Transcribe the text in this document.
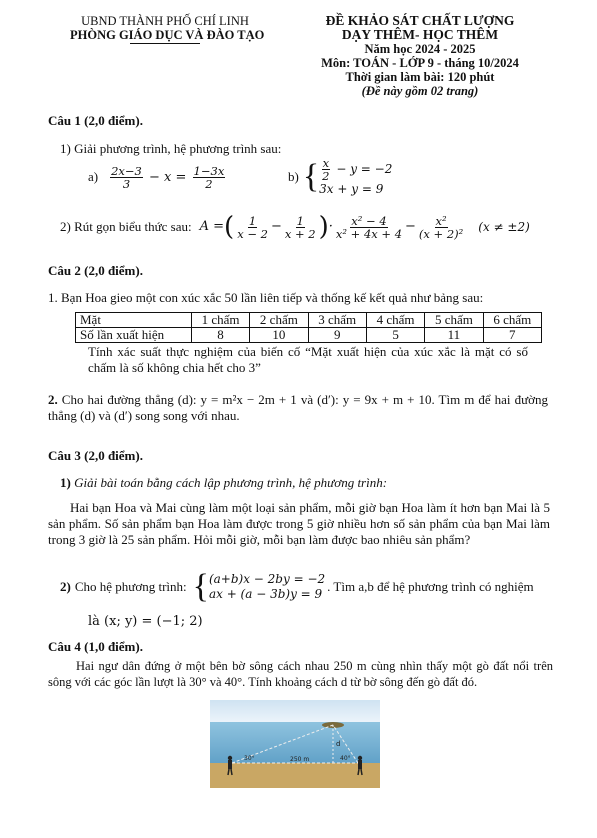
UBND THÀNH PHỐ CHÍ LINH
PHÒNG GIÁO DỤC VÀ ĐÀO TẠO
ĐỀ KHẢO SÁT CHẤT LƯỢNG
DẠY THÊM- HỌC THÊM
Năm học 2024 - 2025
Môn: TOÁN - LỚP 9 - tháng 10/2024
Thời gian làm bài: 120 phút
(Đề này gồm 02 trang)
Câu 1 (2,0 điểm).
1) Giải phương trình, hệ phương trình sau:
$a) \frac{2x-3}{3} - x = \frac{1-3x}{2}$	b) { $\frac{x}{2} - y = -2$
3x + y = 9
2) Rút gọn biểu thức sau: A = ( $\frac{1}{x - 2} - \frac{1}{x + 2}$ ) · $\frac{\text{x² − 4}}{\text{x² + 4x + 4}} - \frac{\text{x²}}{\text{(x + 2)²}} (x \ne \pm 2)$
Câu 2 (2,0 điểm).
1. Bạn Hoa gieo một con xúc xắc 50 lần liên tiếp và thống kế kết quả như bảng sau:
Mặt	1 chấm	2 chấm	3 chấm	4 chấm	5 chấm	6 chấm
Số lần xuất hiện	8	10	9	5	11	7
Tính xác suất thực nghiệm của biến cố “Mặt xuất hiện của xúc xắc là mặt có số chấm là số không chia hết cho 3”
2. Cho hai đường thẳng (d): y = m²x − 2m + 1 và (d′): y = 9x + m + 10. Tìm m để hai đường thẳng (d) và (d′) song song với nhau.
Câu 3 (2,0 điểm).
1) Giải bài toán bằng cách lập phương trình, hệ phương trình:
Hai bạn Hoa và Mai cùng làm một loại sản phẩm, mỗi giờ bạn Hoa làm ít hơn bạn Mai là 5 sản phẩm. Số sản phẩm bạn Hoa làm được trong 5 giờ nhiều hơn số sản phẩm của bạn Mai làm trong 3 giờ là 25 sản phẩm. Hỏi mỗi giờ, mỗi bạn làm được bao nhiêu sản phẩm?
2) Cho hệ phương trình: { (a+b)x − 2by = −2
ax + (a − 3b)y = 9 . Tìm a,b để hệ phương trình có nghiệm
là (x; y) = (−1; 2)
Câu 4 (1,0 điểm).
Hai ngư dân đứng ở một bên bờ sông cách nhau 250 m cùng nhìn thấy một gò đất nổi trên sông với các góc lần lượt là 30° và 40°. Tính khoảng cách d từ bờ sông đến gò đất đó.
d
250 m
30°	40°
